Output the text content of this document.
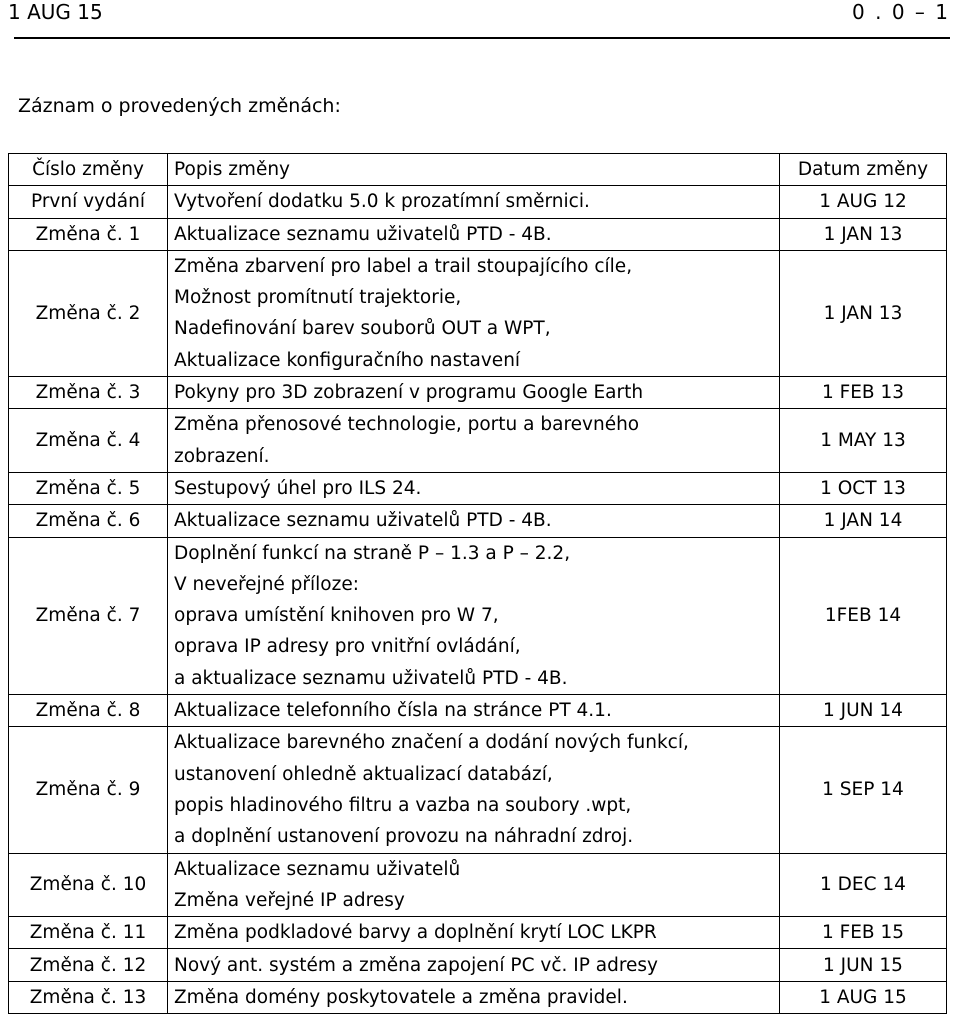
1 AUG 15	0 . 0 – 1
Záznam o provedených změnách:
Číslo změny	Popis změny	Datum změny
První vydání	Vytvoření dodatku 5.0 k prozatímní směrnici.	1 AUG 12
Změna č. 1	Aktualizace seznamu uživatelů PTD - 4B.	1 JAN 13
Změna č. 2	Změna zbarvení pro label a trail stoupajícího cíle,
Možnost promítnutí trajektorie,
Nadefinování barev souborů OUT a WPT,
Aktualizace konfiguračního nastavení	1 JAN 13

Změna č. 3	Pokyny pro 3D zobrazení v programu Google Earth	1 FEB 13
Změna č. 4	Změna přenosové technologie, portu a barevného
zobrazení.	1 MAY 13

Změna č. 5	Sestupový úhel pro ILS 24.	1 OCT 13
Změna č. 6	Aktualizace seznamu uživatelů PTD - 4B.	1 JAN 14
Změna č. 7	Doplnění funkcí na straně P – 1.3 a P – 2.2,
V neveřejné příloze:
oprava umístění knihoven pro W 7,
oprava IP adresy pro vnitřní ovládání,
a aktualizace seznamu uživatelů PTD - 4B.	1FEB 14

Změna č. 8	Aktualizace telefonního čísla na stránce PT 4.1.	1 JUN 14
Změna č. 9	Aktualizace barevného značení a dodání nových funkcí,
ustanovení ohledně aktualizací databází,
popis hladinového filtru a vazba na soubory .wpt,
a doplnění ustanovení provozu na náhradní zdroj.	1 SEP 14

Změna č. 10	Aktualizace seznamu uživatelů
Změna veřejné IP adresy	1 DEC 14

Změna č. 11	Změna podkladové barvy a doplnění krytí LOC LKPR	1 FEB 15
Změna č. 12	Nový ant. systém a změna zapojení PC vč. IP adresy	1 JUN 15
Změna č. 13	Změna domény poskytovatele a změna pravidel.	1 AUG 15
